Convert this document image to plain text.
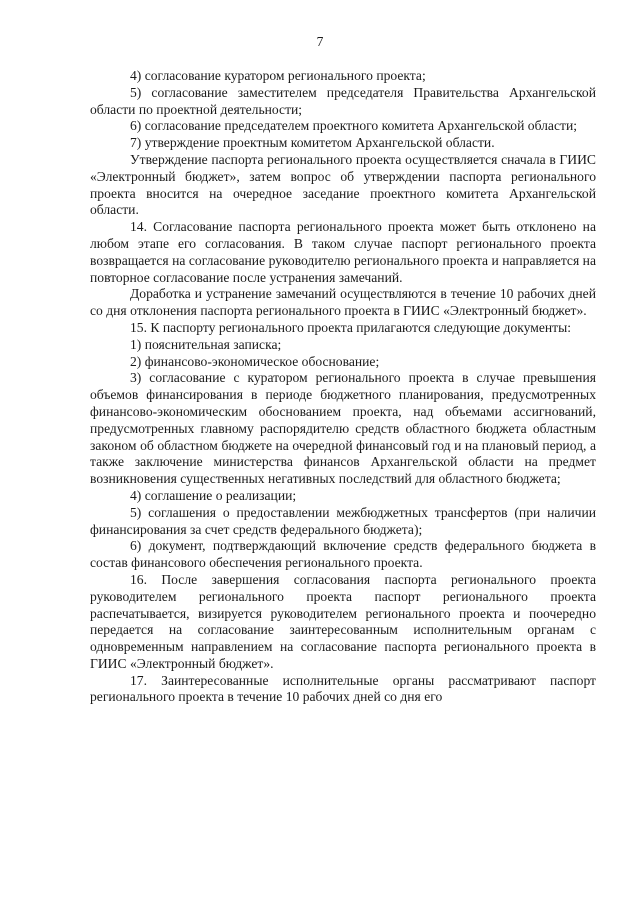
7

4) согласование куратором регионального проекта;

5) согласование заместителем председателя Правительства Архангельской области по проектной деятельности;

6) согласование председателем проектного комитета Архангельской области;

7) утверждение проектным комитетом Архангельской области.

Утверждение паспорта регионального проекта осуществляется сначала в ГИИС «Электронный бюджет», затем вопрос об утверждении паспорта регионального проекта вносится на очередное заседание проектного комитета Архангельской области.

14. Согласование паспорта регионального проекта может быть отклонено на любом этапе его согласования. В таком случае паспорт регионального проекта возвращается на согласование руководителю регионального проекта и направляется на повторное согласование после устранения замечаний.

Доработка и устранение замечаний осуществляются в течение 10 рабочих дней со дня отклонения паспорта регионального проекта в ГИИС «Электронный бюджет».

15. К паспорту регионального проекта прилагаются следующие документы:

1) пояснительная записка;

2) финансово-экономическое обоснование;

3) согласование с куратором регионального проекта в случае превышения объемов финансирования в периоде бюджетного планирования, предусмотренных финансово-экономическим обоснованием проекта, над объемами ассигнований, предусмотренных главному распорядителю средств областного бюджета областным законом об областном бюджете на очередной финансовый год и на плановый период, а также заключение министерства финансов Архангельской области на предмет возникновения существенных негативных последствий для областного бюджета;

4) соглашение о реализации;

5) соглашения о предоставлении межбюджетных трансфертов (при наличии финансирования за счет средств федерального бюджета);

6) документ, подтверждающий включение средств федерального бюджета в состав финансового обеспечения регионального проекта.

16. После завершения согласования паспорта регионального проекта руководителем регионального проекта паспорт регионального проекта распечатывается, визируется руководителем регионального проекта и поочередно передается на согласование заинтересованным исполнительным органам с одновременным направлением на согласование паспорта регионального проекта в ГИИС «Электронный бюджет».

17. Заинтересованные исполнительные органы рассматривают паспорт регионального проекта в течение 10 рабочих дней со дня его
